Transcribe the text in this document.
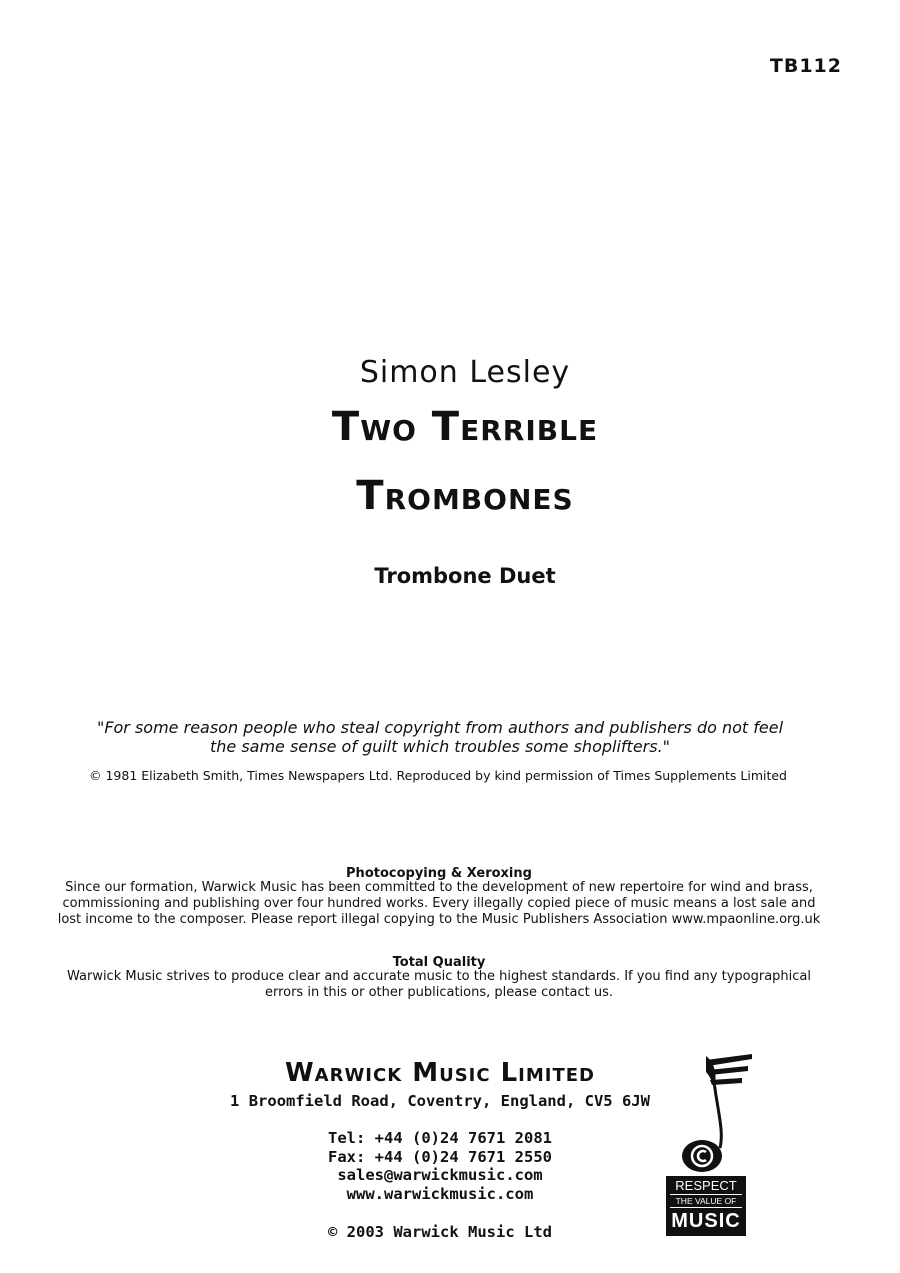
TB112
Simon Lesley
Two Terrible
Trombones
Trombone Duet
"For some reason people who steal copyright from authors and publishers do not feel
the same sense of guilt which troubles some shoplifters."
© 1981 Elizabeth Smith, Times Newspapers Ltd. Reproduced by kind permission of Times Supplements Limited
Photocopying & Xeroxing
Since our formation, Warwick Music has been committed to the development of new repertoire for wind and brass,
commissioning and publishing over four hundred works. Every illegally copied piece of music means a lost sale and
lost income to the composer. Please report illegal copying to the Music Publishers Association www.mpaonline.org.uk
Total Quality
Warwick Music strives to produce clear and accurate music to the highest standards. If you find any typographical
errors in this or other publications, please contact us.
Warwick Music Limited
1 Broomfield Road, Coventry, England, CV5 6JW
Tel: +44 (0)24 7671 2081
Fax: +44 (0)24 7671 2550
sales@warwickmusic.com
www.warwickmusic.com
© 2003 Warwick Music Ltd
RESPECT
THE VALUE OF
MUSIC
